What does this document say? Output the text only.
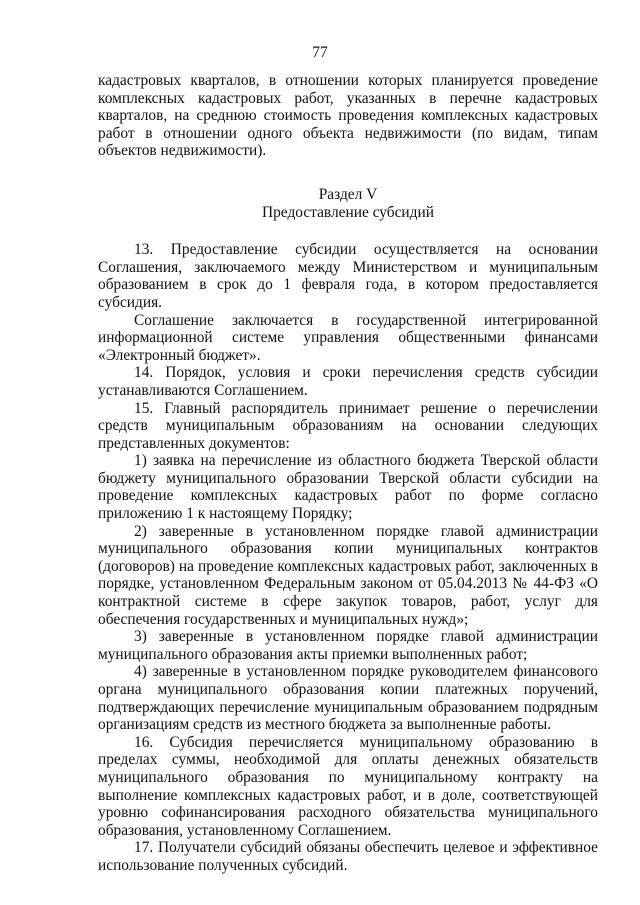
77

кадастровых кварталов, в отношении которых планируется проведение комплексных кадастровых работ, указанных в перечне кадастровых кварталов, на среднюю стоимость проведения комплексных кадастровых работ в отношении одного объекта недвижимости (по видам, типам объектов недвижимости).

Раздел V

Предоставление субсидий

13. Предоставление субсидии осуществляется на основании Соглашения, заключаемого между Министерством и муниципальным образованием в срок до 1 февраля года, в котором предоставляется субсидия.

Соглашение заключается в государственной интегрированной информационной системе управления общественными финансами «Электронный бюджет».

14. Порядок, условия и сроки перечисления средств субсидии устанавливаются Соглашением.

15. Главный распорядитель принимает решение о перечислении средств муниципальным образованиям на основании следующих представленных документов:

1) заявка на перечисление из областного бюджета Тверской области бюджету муниципального образовании Тверской области субсидии на проведение комплексных кадастровых работ по форме согласно приложению 1 к настоящему Порядку;

2) заверенные в установленном порядке главой администрации муниципального образования копии муниципальных контрактов (договоров) на проведение комплексных кадастровых работ, заключенных в порядке, установленном Федеральным законом от 05.04.2013 № 44-ФЗ «О контрактной системе в сфере закупок товаров, работ, услуг для обеспечения государственных и муниципальных нужд»;

3) заверенные в установленном порядке главой администрации муниципального образования акты приемки выполненных работ;

4) заверенные в установленном порядке руководителем финансового органа муниципального образования копии платежных поручений, подтверждающих перечисление муниципальным образованием подрядным организациям средств из местного бюджета за выполненные работы.

16. Субсидия перечисляется муниципальному образованию в пределах суммы, необходимой для оплаты денежных обязательств муниципального образования по муниципальному контракту на выполнение комплексных кадастровых работ, и в доле, соответствующей уровню софинансирования расходного обязательства муниципального образования, установленному Соглашением.

17. Получатели субсидий обязаны обеспечить целевое и эффективное использование полученных субсидий.
